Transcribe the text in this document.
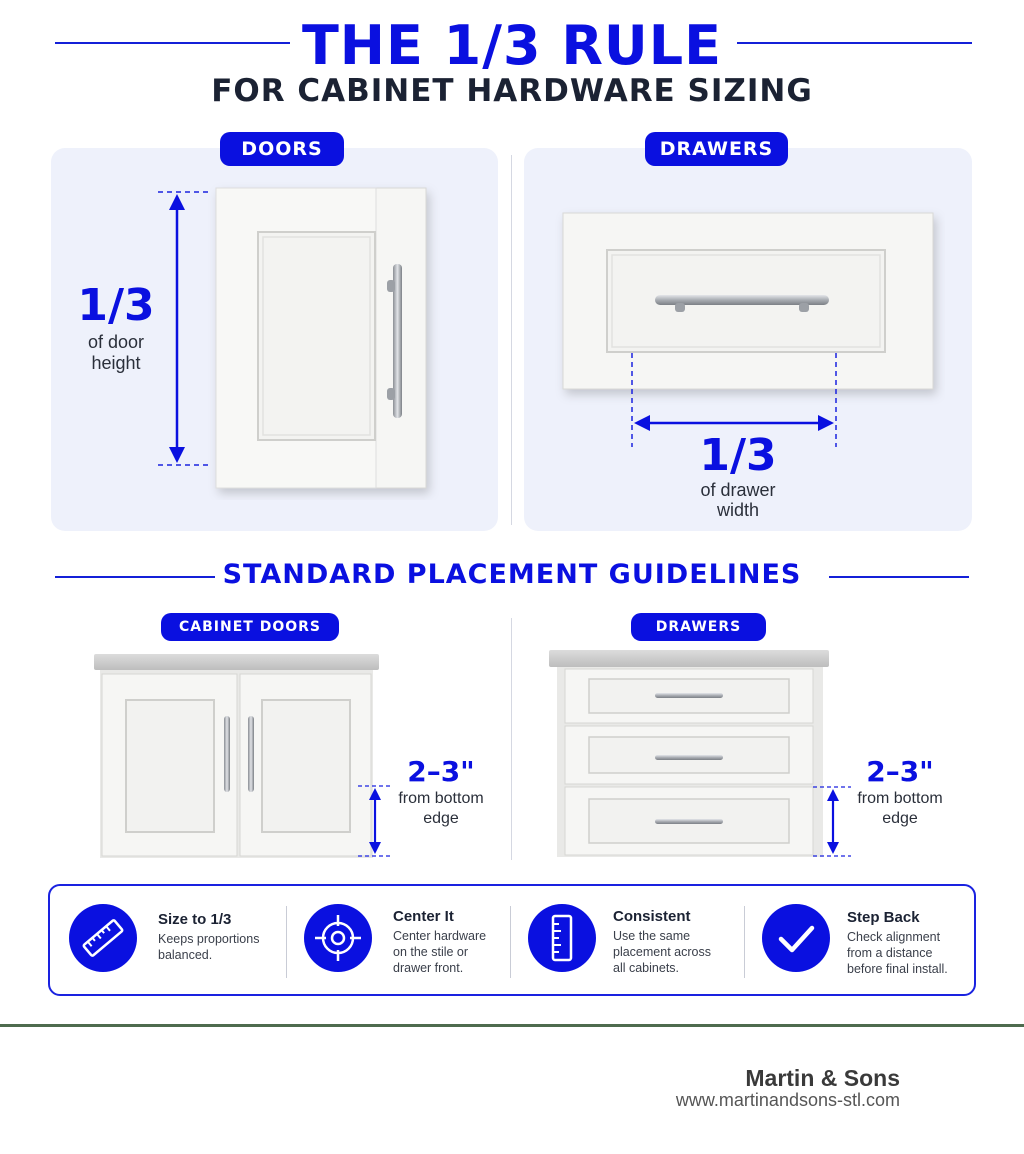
THE 1/3 RULE
FOR CABINET HARDWARE SIZING
DOORS	DRAWERS
1/3
of door
height
1/3
of drawer
width
STANDARD PLACEMENT GUIDELINES
CABINET DOORS	DRAWERS
2–3"
from bottom
edge
2–3"
from bottom
edge
Size to 1/3
Keeps proportions
balanced.
Center It
Center hardware
on the stile or
drawer front.
Consistent
Use the same
placement across
all cabinets.
Step Back
Check alignment
from a distance
before final install.
Martin & Sons
www.martinandsons-stl.com
